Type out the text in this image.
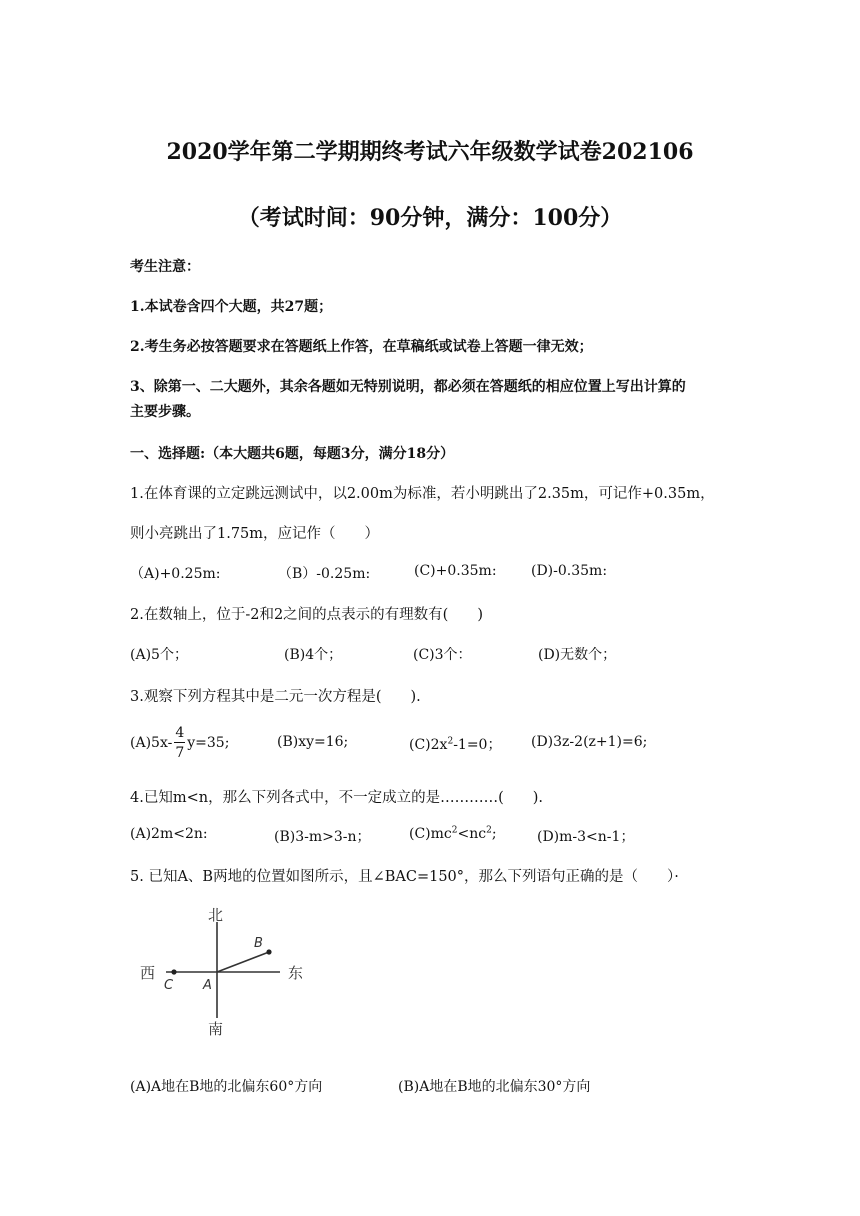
2020学年第二学期期终考试六年级数学试卷202106
（考试时间：90分钟，满分：100分）
考生注意：
1.本试卷含四个大题，共27题；
2.考生务必按答题要求在答题纸上作答，在草稿纸或试卷上答题一律无效；
3、除第一、二大题外，其余各题如无特别说明，都必须在答题纸的相应位置上写出计算的
主要步骤。
一、选择题:（本大题共6题，每题3分，满分18分）
1.在体育课的立定跳远测试中，以2.00m为标准，若小明跳出了2.35m，可记作+0.35m，
则小亮跳出了1.75m，应记作（　　）
（A)+0.25m:	（B）-0.25m:	(C)+0.35m: (D)-0.35m:
2.在数轴上，位于-2和2之间的点表示的有理数有(　　)
(A)5个；	(B)4个；	(C)3个：	(D)无数个；
3.观察下列方程其中是二元一次方程是(　　).
$(A)5x- \frac{4}{7} y=35$;	(B)xy=16;	$(C)2x^2-1=0$； (D)3z-2(z+1)=6;
4.已知m<n，那么下列各式中，不一定成立的是…………(　　).
(A)2m<2n:	(B)3-m>3-n；	$(C)mc^2<nc^2$;	(D)m-3<n-1；
5. 已知A、B两地的位置如图所示，且∠BAC=150°，那么下列语句正确的是（　　）·
北
南
东
西
A
B
C
(A)A地在B地的北偏东60°方向	(B)A地在B地的北偏东30°方向
